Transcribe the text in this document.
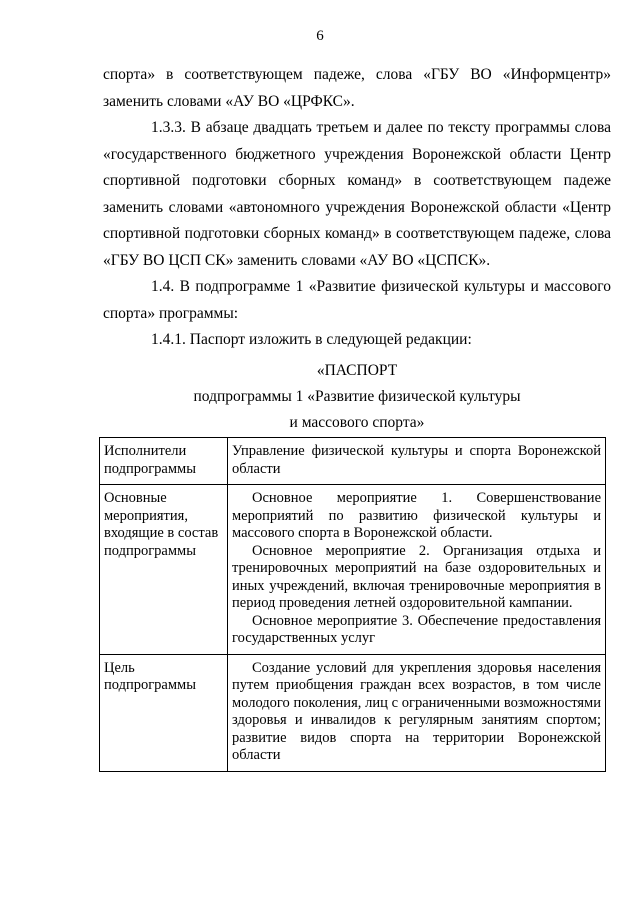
6

спорта» в соответствующем падеже, слова «ГБУ ВО «Информцентр» заменить словами «АУ ВО «ЦРФКС».

1.3.3. В абзаце двадцать третьем и далее по тексту программы слова «государственного бюджетного учреждения Воронежской области Центр спортивной подготовки сборных команд» в соответствующем падеже заменить словами «автономного учреждения Воронежской области «Центр спортивной подготовки сборных команд» в соответствующем падеже, слова «ГБУ ВО ЦСП СК» заменить словами «АУ ВО «ЦСПСК».

1.4. В подпрограмме 1 «Развитие физической культуры и массового спорта» программы:

1.4.1. Паспорт изложить в следующей редакции:

«ПАСПОРТ

подпрограммы 1 «Развитие физической культуры

и массового спорта»

Исполнители подпрограммы	Управление физической культуры и спорта Воронежской области

Основные мероприятия, входящие в состав подпрограммы	Основное мероприятие 1. Совершенствование мероприятий по развитию физической культуры и массового спорта в Воронежской области.

Основное мероприятие 2. Организация отдыха и тренировочных мероприятий на базе оздоровительных и иных учреждений, включая тренировочные мероприятия в период проведения летней оздоровительной кампании.

Основное мероприятие 3. Обеспечение предоставления государственных услуг

Цель подпрограммы	Создание условий для укрепления здоровья населения путем приобщения граждан всех возрастов, в том числе молодого поколения, лиц с ограниченными возможностями здоровья и инвалидов к регулярным занятиям спортом; развитие видов спорта на территории Воронежской области
